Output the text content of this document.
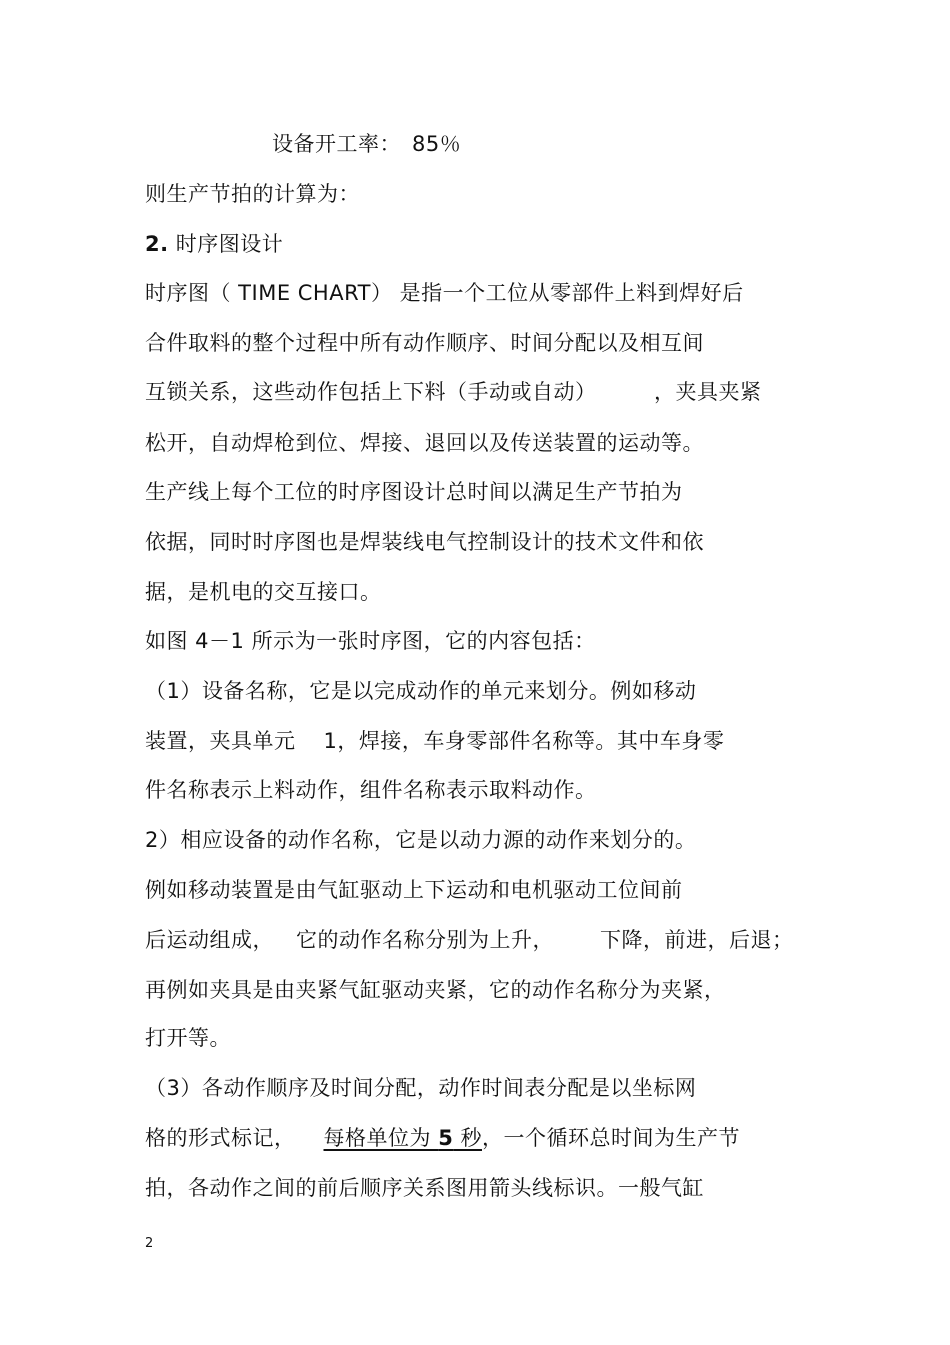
设备开工率：　85％
则生产节拍的计算为：
2. 时序图设计
时序图（ TIME CHART） 是指一个工位从零部件上料到焊好后
合件取料的整个过程中所有动作顺序、时间分配以及相互间
互锁关系，这些动作包括上下料（手动或自动）	，夹具夹紧
松开，自动焊枪到位、焊接、退回以及传送装置的运动等。
生产线上每个工位的时序图设计总时间以满足生产节拍为
依据，同时时序图也是焊装线电气控制设计的技术文件和依
据，是机电的交互接口。
如图 4－1 所示为一张时序图，它的内容包括：
（1）设备名称，它是以完成动作的单元来划分。例如移动
装置，夹具单元 1，焊接，车身零部件名称等。其中车身零
件名称表示上料动作，组件名称表示取料动作。
2）相应设备的动作名称，它是以动力源的动作来划分的。
例如移动装置是由气缸驱动上下运动和电机驱动工位间前
后运动组成， 它的动作名称分别为上升， 下降，前进，后退；
再例如夹具是由夹紧气缸驱动夹紧，它的动作名称分为夹紧，
打开等。
（3）各动作顺序及时间分配，动作时间表分配是以坐标网
格的形式标记， 每格单位为 5 秒，一个循环总时间为生产节
拍，各动作之间的前后顺序关系图用箭头线标识。一般气缸
2
